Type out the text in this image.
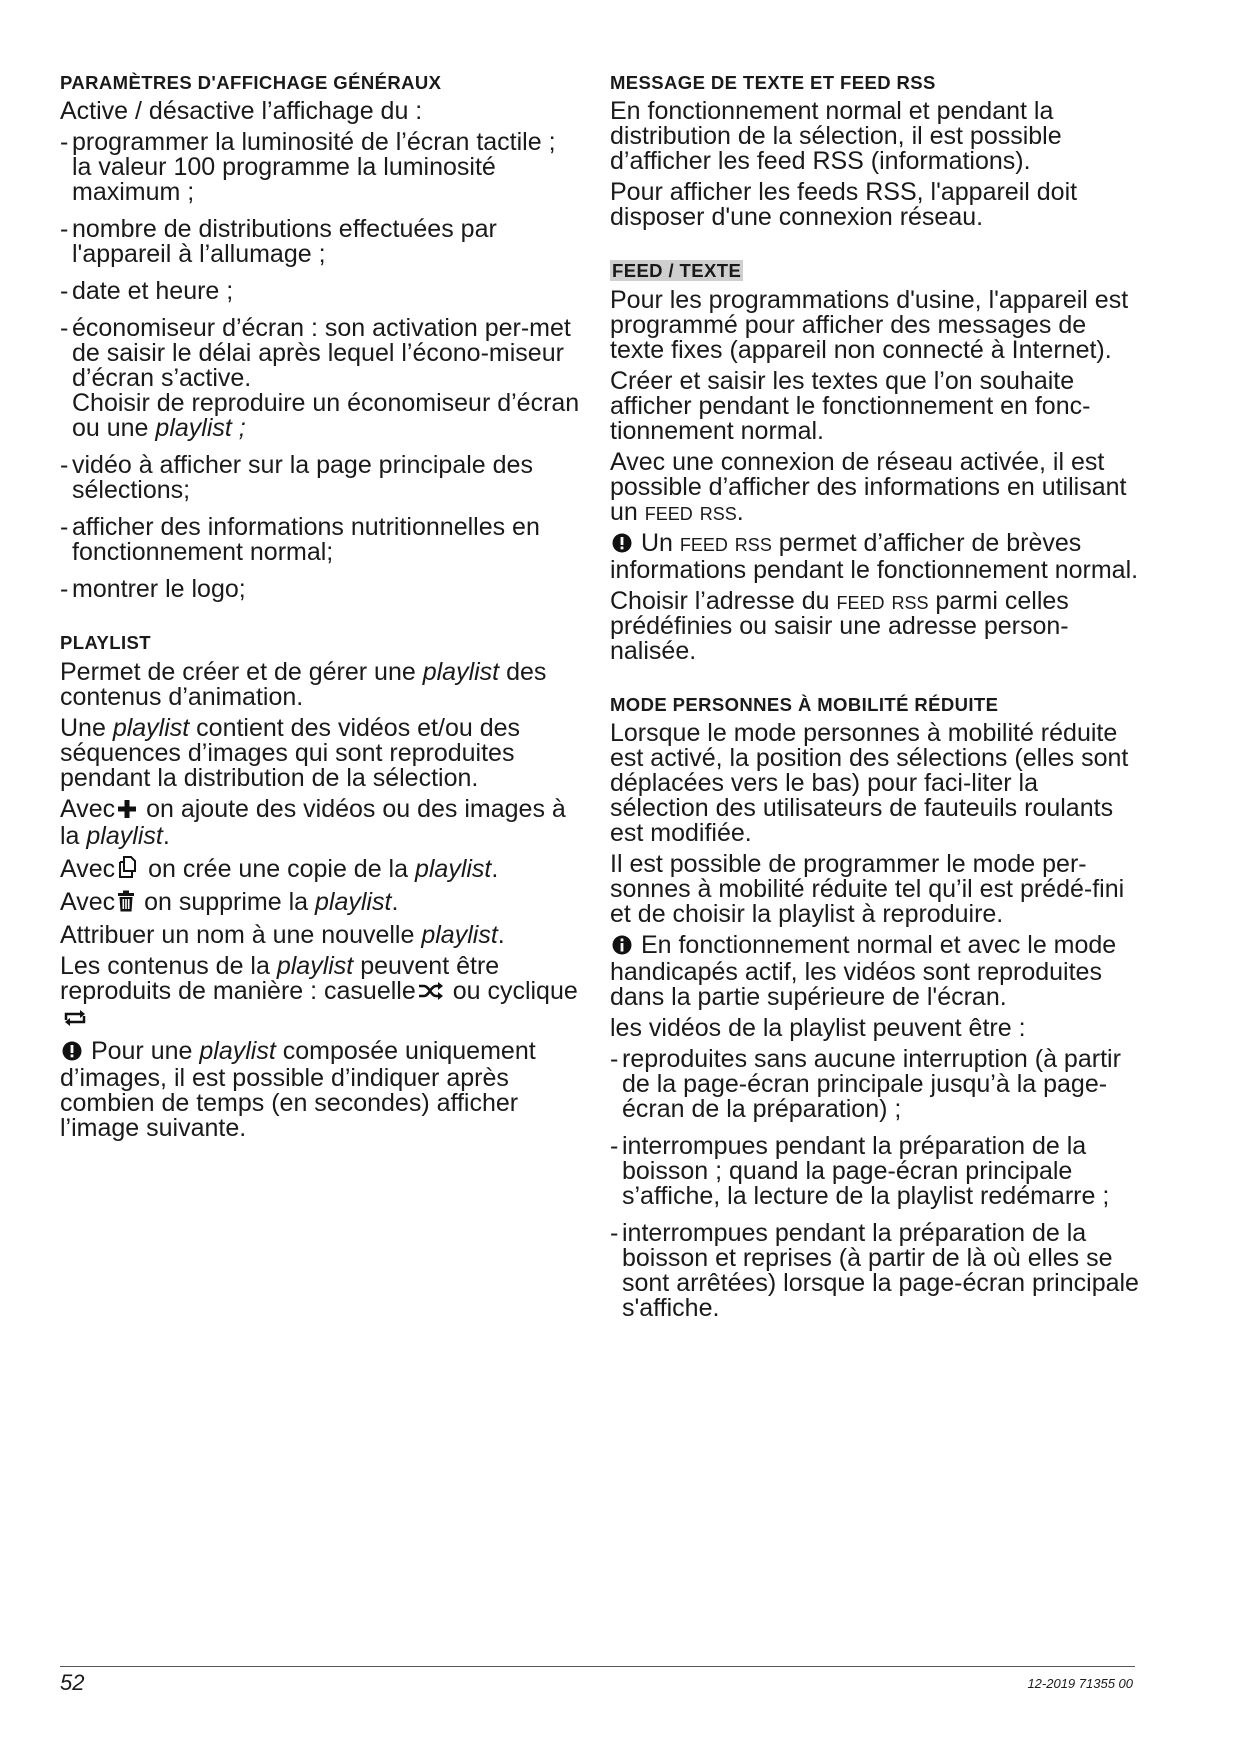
PARAMÈTRES D'AFFICHAGE GÉNÉRAUX

Active / désactive l’affichage du :

- programmer la luminosité de l’écran tactile ; la valeur 100 programme la luminosité maximum ;
- nombre de distributions effectuées par l'appareil à l’allumage ;
- date et heure ;
- économiseur d’écran : son activation per-met de saisir le délai après lequel l’écono-miseur d’écran s’active.
Choisir de reproduire un économiseur d’écran ou une playlist ;
- vidéo à afficher sur la page principale des sélections;
- afficher des informations nutritionnelles en fonctionnement normal;
- montrer le logo;
PLAYLIST

Permet de créer et de gérer une playlist des contenus d’animation.

Une playlist contient des vidéos et/ou des séquences d’images qui sont reproduites pendant la distribution de la sélection.

Avec on ajoute des vidéos ou des images à la playlist.

Avec on crée une copie de la playlist.

Avec on supprime la playlist.

Attribuer un nom à une nouvelle playlist.

Les contenus de la playlist peuvent être reproduits de manière : casuelle ou cyclique

Pour une playlist composée uniquement d’images, il est possible d’indiquer après combien de temps (en secondes) afficher l’image suivante.

MESSAGE DE TEXTE ET FEED RSS

En fonctionnement normal et pendant la distribution de la sélection, il est possible d’afficher les feed RSS (informations).

Pour afficher les feeds RSS, l'appareil doit disposer d'une connexion réseau.

FEED / TEXTE

Pour les programmations d'usine, l'appareil est programmé pour afficher des messages de texte fixes (appareil non connecté à Internet).

Créer et saisir les textes que l’on souhaite afficher pendant le fonctionnement en fonc-tionnement normal.

Avec une connexion de réseau activée, il est possible d’afficher des informations en utilisant un feed rss.

Un feed rss permet d’afficher de brèves informations pendant le fonctionnement normal.

Choisir l’adresse du feed rss parmi celles prédéfinies ou saisir une adresse person-nalisée.

MODE PERSONNES À MOBILITÉ RÉDUITE

Lorsque le mode personnes à mobilité réduite est activé, la position des sélections (elles sont déplacées vers le bas) pour faci-liter la sélection des utilisateurs de fauteuils roulants est modifiée.

Il est possible de programmer le mode per-sonnes à mobilité réduite tel qu’il est prédé-fini et de choisir la playlist à reproduire.

En fonctionnement normal et avec le mode handicapés actif, les vidéos sont reproduites dans la partie supérieure de l'écran.

les vidéos de la playlist peuvent être :

- reproduites sans aucune interruption (à partir de la page-écran principale jusqu’à la page-écran de la préparation) ;
- interrompues pendant la préparation de la boisson ; quand la page-écran principale s’affiche, la lecture de la playlist redémarre ;
- interrompues pendant la préparation de la boisson et reprises (à partir de là où elles se sont arrêtées) lorsque la page-écran principale s'affiche.
52	12-2019 71355 00
